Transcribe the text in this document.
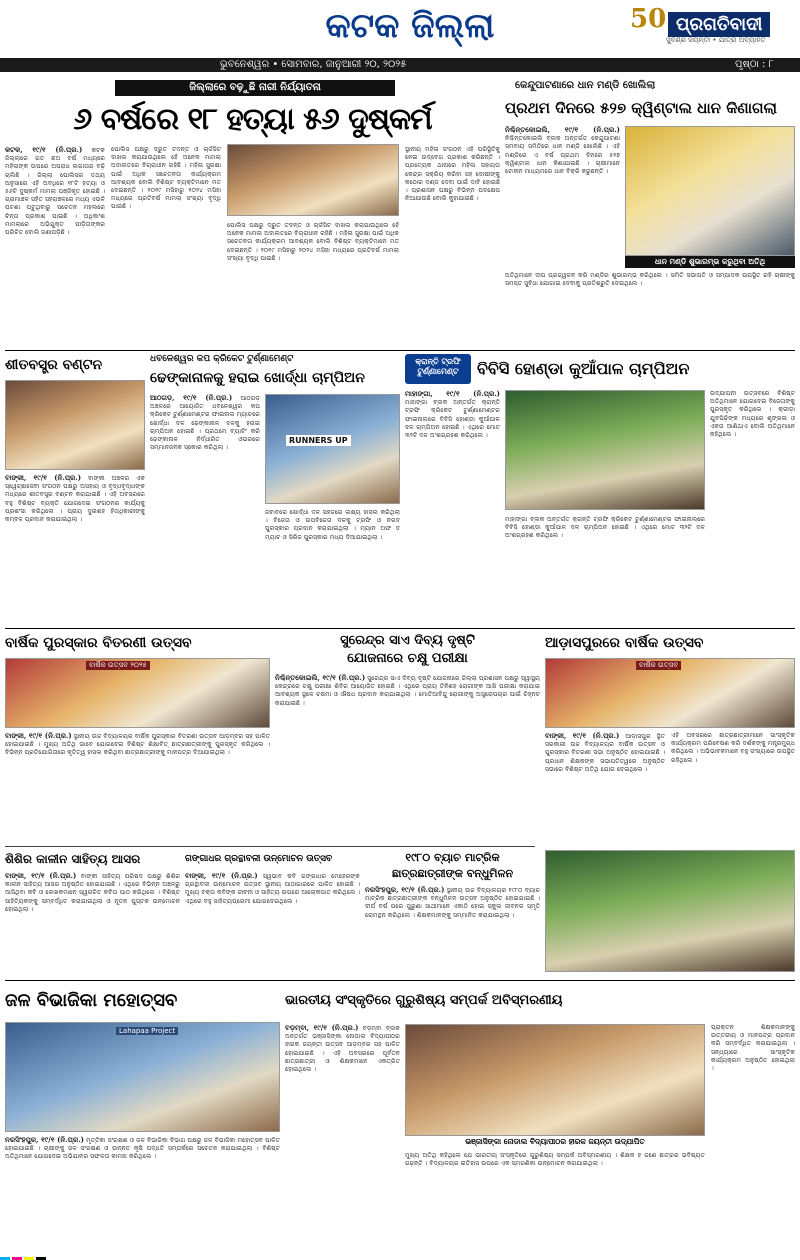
କଟକ ଜିଲ୍ଲା	50 ପ୍ରଗତିବାଦୀ
ସୁବର୍ଣ୍ଣ ଜୟନ୍ତୀ • ଯାତ୍ରା ଅବ୍ୟାହତ
ଭୁବନେଶ୍ୱର • ସୋମବାର, ଜାନୁଆରୀ ୨୦, ୨୦୨୫	ପୃଷ୍ଠା : ୮
ଜିଲ୍ଲାରେ ବଢ଼ୁଛି ନାରୀ ନିର୍ଯ୍ୟାତନା
୬ ବର୍ଷରେ ୧୮ ହତ୍ୟା ୫୬ ଦୁଷ୍କର୍ମ
କଟକ, ୧୯/୧ (ନି.ପ୍ର.) କଟକ ଜିଲ୍ଲାରେ ଗତ ଛଅ ବର୍ଷ ମଧ୍ୟରେ ମହିଳାଙ୍କ ଉପରେ ଅପରାଧ ଲଗାତାର ବଢ଼ି ଚାଲିଛି । ଜିଲ୍ଲା ପୋଲିସର ତଥ୍ୟ ଅନୁସାରେ ଏହି ଅବଧିରେ ୧୮ଟି ହତ୍ୟା ଓ ୫୬ଟି ଦୁଷ୍କର୍ମ ମାମଲା ପଞ୍ଜିକୃତ ହୋଇଛି । ଗ୍ରାମାଞ୍ଚଳ ସହିତ ସହରାଞ୍ଚଳରେ ମଧ୍ୟ ଏଭଳି ଘଟଣା ଘଟୁଥିବାରୁ ସଚେତନ ମହଲରେ ଚିନ୍ତା ପ୍ରକାଶ ପାଇଛି । ଅଧିକାଂଶ ମାମଲାରେ ଅଭିଯୁକ୍ତ ପୀଡ଼ିତାଙ୍କର ପରିଚିତ ବୋଲି ଜଣାପଡ଼ିଛି ।
ପୋଲିସ ପକ୍ଷରୁ ଦ୍ରୁତ ତଦନ୍ତ ଓ ଚାର୍ଜସିଟ ଦାଖଲ କରାଯାଉଥିଲେ ହେଁ ଅନେକ ମାମଲା ଅଦାଲତରେ ବିଚାରାଧୀନ ରହିଛି । ମହିଳା ସୁରକ୍ଷା ପାଇଁ ଅଧିକ ସଚେତନତା କାର୍ଯ୍ୟକ୍ରମ ଆବଶ୍ୟକ ବୋଲି ବିଶିଷ୍ଟ ବ୍ୟକ୍ତିମାନେ ମତ ଦେଇଛନ୍ତି । ୨୦୧୯ ମସିହାରୁ ୨୦୨୪ ମସିହା ମଧ୍ୟରେ ପ୍ରତିବର୍ଷ ମାମଲା ସଂଖ୍ୟା ବୃଦ୍ଧି ପାଇଛି ।
ସ୍ଥାନୀୟ ମହିଳା ସଂଗଠନ ଏହି ପରିସ୍ଥିତିକୁ ନେଇ ଉଦ୍‌ବେଗ ପ୍ରକାଶ କରିଛନ୍ତି । ପ୍ରତ୍ୟେକ ଥାନାରେ ମହିଳା ସହାୟତା କେନ୍ଦ୍ର ସକ୍ରିୟ କରିବା ସହ ଦୋଷୀଙ୍କୁ କଠୋର ଦଣ୍ଡ ଦେବା ପାଇଁ ଦାବି ହୋଇଛି । ପ୍ରଶାସନ ପକ୍ଷରୁ ବିଭିନ୍ନ ପଦକ୍ଷେପ ନିଆଯାଉଛି ବୋଲି କୁହାଯାଇଛି ।
ପୋଲିସ ପକ୍ଷରୁ ଦ୍ରୁତ ତଦନ୍ତ ଓ ଚାର୍ଜସିଟ ଦାଖଲ କରାଯାଉଥିଲେ ହେଁ ଅନେକ ମାମଲା ଅଦାଲତରେ ବିଚାରାଧୀନ ରହିଛି । ମହିଳା ସୁରକ୍ଷା ପାଇଁ ଅଧିକ ସଚେତନତା କାର୍ଯ୍ୟକ୍ରମ ଆବଶ୍ୟକ ବୋଲି ବିଶିଷ୍ଟ ବ୍ୟକ୍ତିମାନେ ମତ ଦେଇଛନ୍ତି । ୨୦୧୯ ମସିହାରୁ ୨୦୨୪ ମସିହା ମଧ୍ୟରେ ପ୍ରତିବର୍ଷ ମାମଲା ସଂଖ୍ୟା ବୃଦ୍ଧି ପାଇଛି ।
କେନ୍ଦୁପାଟଣାରେ ଧାନ ମଣ୍ଡି ଖୋଲିଲା
ପ୍ରଥମ ଦିନରେ ୫୨୭ କ୍ୱିଣ୍ଟାଲ ଧାନ କିଣାଗଲା
ନିଶ୍ଚିନ୍ତକୋଇଲି, ୧୯/୧ (ନି.ପ୍ର.) ନିଶ୍ଚିନ୍ତକୋଇଲି ବ୍ଲକ ଅନ୍ତର୍ଗତ କେନ୍ଦୁପାଟଣା ସମବାୟ ସମିତିରେ ଧାନ ମଣ୍ଡି ଖୋଲିଛି । ଏହି ମଣ୍ଡିରେ ଏ ବର୍ଷ ପ୍ରଥମ ଦିନରେ ୫୨୭ କ୍ୱିଣ୍ଟାଲ ଧାନ କିଣାଯାଇଛି । ଚାଷୀମାନେ ଟୋକନ ମାଧ୍ୟମରେ ଧାନ ବିକ୍ରି କରୁଛନ୍ତି ।
ଧାନ ମଣ୍ଡି ଶୁଭାରମ୍ଭ କରୁଥିବା ଅତିଥି
ଅତିଥିମାନେ ଦୀପ ପ୍ରଜ୍ୱଳନ କରି ମଣ୍ଡିର ଶୁଭାରମ୍ଭ କରିଥିଲେ । ସମିତି ସଭାପତି ଓ ସମ୍ପାଦକ ଉପସ୍ଥିତ ରହି ଚାଷୀଙ୍କୁ ସମସ୍ତ ସୁବିଧା ଯୋଗାଇ ଦେବାକୁ ପ୍ରତିଶ୍ରୁତି ଦେଇଥିଲେ ।
ଶୀତବସ୍ତ୍ର ବଣ୍ଟନ
ବାଙ୍କୀ, ୧୯/୧ (ନି.ପ୍ର.) ବାଙ୍କୀ ଅଞ୍ଚଳର ଏକ ସ୍ୱେଚ୍ଛାସେବୀ ସଂଗଠନ ପକ୍ଷରୁ ଅସହାୟ ଓ ବୃଦ୍ଧବୃଦ୍ଧାଙ୍କ ମଧ୍ୟରେ ଶୀତବସ୍ତ୍ର ବଣ୍ଟନ କରାଯାଇଛି । ଏହି ଅବସରରେ ବହୁ ବିଶିଷ୍ଟ ବ୍ୟକ୍ତି ଯୋଗଦେଇ ସଂଗଠନର କାର୍ଯ୍ୟକୁ ପ୍ରଶଂସା କରିଥିଲେ । ପ୍ରାୟ ଦୁଇଶହ ହିତାଧିକାରୀଙ୍କୁ କମ୍ବଳ ପ୍ରଦାନ କରାଯାଇଥିଲା ।
ଧବଳେଶ୍ୱର କପ କ୍ରିକେଟ ଟୁର୍ଣ୍ଣାମେଣ୍ଟ
ଢେଙ୍କାନାଳକୁ ହରାଇ ଖୋର୍ଦ୍ଧା ଚାମ୍ପିଅନ
ଆଠଗଡ଼, ୧୯/୧ (ନି.ପ୍ର.) ଆଠଗଡ଼ ଅଞ୍ଚଳରେ ଆୟୋଜିତ ଧବଳେଶ୍ୱର କପ କ୍ରିକେଟ ଟୁର୍ଣ୍ଣାମେଣ୍ଟର ଫାଇନାଲ ମ୍ୟାଚରେ ଖୋର୍ଦ୍ଧା ଦଳ ଢେଙ୍କାନାଳ ଦଳକୁ ହରାଇ ଚାମ୍ପିଅନ ହୋଇଛି । ପ୍ରଥମେ ବ୍ୟାଟିଂ କରି ଢେଙ୍କାନାଳ ନିର୍ଦ୍ଧାରିତ ଓଭରରେ ସମ୍ମାନଜନକ ସ୍କୋର କରିଥିଲା ।
RUNNERS UP
ଜବାବରେ ଖୋର୍ଦ୍ଧା ଦଳ ସହଜରେ ଲକ୍ଷ୍ୟ ହାସଲ କରିଥିଲା । ବିଜେତା ଓ ଉପବିଜେତା ଦଳକୁ ଟ୍ରଫି ଓ ନଗଦ ପୁରସ୍କାର ପ୍ରଦାନ କରାଯାଇଥିଲା । ମ୍ୟାନ ଅଫ ଦ ମ୍ୟାଚ ଓ ସିରିଜ ପୁରସ୍କାର ମଧ୍ୟ ଦିଆଯାଇଥିଲା ।
କ୍ରାନ୍ତି ଟ୍ରଫି
ଟୁର୍ଣ୍ଣାମେଣ୍ଟ	ବିବିସି ହୋଣ୍ଡା କୁଆଁପାଳ ଚାମ୍ପିଅନ
ମାହାଙ୍ଗା, ୧୯/୧ (ନି.ପ୍ର.) ମାହାଙ୍ଗା ବ୍ଲକ ଅନ୍ତର୍ଗତ କ୍ରାନ୍ତି ଟ୍ରଫି କ୍ରିକେଟ ଟୁର୍ଣ୍ଣାମେଣ୍ଟର ଫାଇନାଲରେ ବିବିସି ହୋଣ୍ଡା କୁଆଁପାଳ ଦଳ ଚାମ୍ପିଅନ ହୋଇଛି । ଏଥିରେ ମୋଟ ୩୨ଟି ଦଳ ଅଂଶଗ୍ରହଣ କରିଥିଲେ ।
ଉଦ୍‌ଯାପନୀ ଉତ୍ସବରେ ବିଶିଷ୍ଟ ଅତିଥିମାନେ ଯୋଗଦେଇ ବିଜେତାଙ୍କୁ ପୁରସ୍କୃତ କରିଥିଲେ । କ୍ରୀଡ଼ା ଯୁବପିଢ଼ିଙ୍କ ମଧ୍ୟରେ ଶୃଙ୍ଖଳା ଓ ଏକତା ଆଣିଥାଏ ବୋଲି ଅତିଥିମାନେ କହିଥିଲେ ।
ମାହାଙ୍ଗା ବ୍ଲକ ଅନ୍ତର୍ଗତ କ୍ରାନ୍ତି ଟ୍ରଫି କ୍ରିକେଟ ଟୁର୍ଣ୍ଣାମେଣ୍ଟର ଫାଇନାଲରେ ବିବିସି ହୋଣ୍ଡା କୁଆଁପାଳ ଦଳ ଚାମ୍ପିଅନ ହୋଇଛି । ଏଥିରେ ମୋଟ ୩୨ଟି ଦଳ ଅଂଶଗ୍ରହଣ କରିଥିଲେ ।
ବାର୍ଷିକ ପୁରସ୍କାର ବିତରଣୀ ଉତ୍ସବ
ବାର୍ଷିକ ଉତ୍ସବ ୨୦୨୫
ବାଙ୍କୀ, ୧୯/୧ (ନି.ପ୍ର.) ସ୍ଥାନୀୟ ଉଚ୍ଚ ବିଦ୍ୟାଳୟର ବାର୍ଷିକ ପୁରସ୍କାର ବିତରଣୀ ଉତ୍ସବ ଆଡ଼ମ୍ବର ସହ ପାଳିତ ହୋଇଯାଇଛି । ମୁଖ୍ୟ ଅତିଥି ଭାବେ ଯୋଗଦେଇ ବିଶିଷ୍ଟ ଶିକ୍ଷାବିତ୍ ଛାତ୍ରଛାତ୍ରୀଙ୍କୁ ପୁରସ୍କୃତ କରିଥିଲେ । ବିଭିନ୍ନ ପ୍ରତିଯୋଗିତାରେ କୃତିତ୍ୱ ହାସଲ କରିଥିବା ଛାତ୍ରଛାତ୍ରୀଙ୍କୁ ମାନପତ୍ର ଦିଆଯାଇଥିଲା ।
ସୁରେନ୍ଦ୍ର ସାଏ ଦିବ୍ୟ ଦୃଷ୍ଟି
ଯୋଜନାରେ ଚକ୍ଷୁ ପରୀକ୍ଷା
ନିଶ୍ଚିନ୍ତକୋଇଲି, ୧୯/୧ (ନି.ପ୍ର.) ସୁରେନ୍ଦ୍ର ସାଏ ଦିବ୍ୟ ଦୃଷ୍ଟି ଯୋଜନାରେ ଜିଲ୍ଲା ପ୍ରଶାସନ ପକ୍ଷରୁ ସ୍ୱାସ୍ଥ୍ୟ କେନ୍ଦ୍ରରେ ଚକ୍ଷୁ ପରୀକ୍ଷା ଶିବିର ଆୟୋଜିତ ହୋଇଛି । ଏଥିରେ ପ୍ରାୟ ତିନିଶହ ରୋଗୀଙ୍କ ଆଖି ପରୀକ୍ଷା କରାଯାଇ ଆବଶ୍ୟକ ସ୍ଥଳେ ଚଷମା ଓ ଔଷଧ ପ୍ରଦାନ କରାଯାଇଥିଲା । ମୋତିଆବିନ୍ଦୁ ରୋଗୀଙ୍କୁ ଅସ୍ତ୍ରୋପଚାର ପାଇଁ ଚିହ୍ନଟ କରାଯାଇଛି ।
ଆଡ଼ାସପୁରରେ ବାର୍ଷିକ ଉତ୍ସବ
ବାର୍ଷିକ ଉତ୍ସବ
ବାଙ୍କୀ, ୧୯/୧ (ନି.ପ୍ର.) ଆଡ଼ାସପୁର ସ୍ଥିତ ସରକାରୀ ଉଚ୍ଚ ବିଦ୍ୟାଳୟର ବାର୍ଷିକ ଉତ୍ସବ ଓ ପୁରସ୍କାର ବିତରଣୀ ସଭା ଅନୁଷ୍ଠିତ ହୋଇଯାଇଛି । ପ୍ରଧାନ ଶିକ୍ଷକଙ୍କ ସଭାପତିତ୍ୱରେ ଅନୁଷ୍ଠିତ ସଭାରେ ବିଶିଷ୍ଟ ଅତିଥି ଯୋଗ ଦେଇଥିଲେ ।
ଏହି ଅବସରରେ ଛାତ୍ରଛାତ୍ରୀମାନେ ସାଂସ୍କୃତିକ କାର୍ଯ୍ୟକ୍ରମ ପରିବେଷଣ କରି ଦର୍ଶକଙ୍କୁ ମନ୍ତ୍ରମୁଗ୍ଧ କରିଥିଲେ । ଅଭିଭାବକମାନେ ବହୁ ସଂଖ୍ୟାରେ ଉପସ୍ଥିତ ରହିଥିଲେ ।
ଶିଶିର କାଳୀନ ସାହିତ୍ୟ ଆସର
ବାଙ୍କୀ, ୧୯/୧ (ନି.ପ୍ର.) ବାଙ୍କୀ ସାହିତ୍ୟ ପରିଷଦ ପକ୍ଷରୁ ଶିଶିର କାଳୀନ ସାହିତ୍ୟ ଆସର ଅନୁଷ୍ଠିତ ହୋଇଯାଇଛି । ଏଥିରେ ବିଭିନ୍ନ ଅଞ୍ଚଳରୁ ଆସିଥିବା କବି ଓ ଲେଖକମାନେ ସ୍ୱରଚିତ କବିତା ପାଠ କରିଥିଲେ । ବିଶିଷ୍ଟ ସାହିତ୍ୟିକଙ୍କୁ ସମ୍ବର୍ଦ୍ଧିତ କରାଯାଇଥିଲା ଓ ନୂତନ ପୁସ୍ତକ ଉନ୍ମୋଚନ ହୋଇଥିଲା ।
ଗଙ୍ଗାଧର ଗ୍ରନ୍ଥାବଳୀ ଉନ୍ମୋଚନ ଉତ୍ସବ
ବାଙ୍କୀ, ୧୯/୧ (ନି.ପ୍ର.) ସ୍ୱଭାବ କବି ଗଙ୍ଗାଧର ମେହେରଙ୍କ ଗ୍ରନ୍ଥାବଳୀ ଉନ୍ମୋଚନ ଉତ୍ସବ ସ୍ଥାନୀୟ ପାଠାଗାରରେ ପାଳିତ ହୋଇଛି । ମୁଖ୍ୟ ବକ୍ତା କବିଙ୍କ ଜୀବନୀ ଓ ସାହିତ୍ୟ ଉପରେ ଆଲୋକପାତ କରିଥିଲେ । ଏଥିରେ ବହୁ ସାହିତ୍ୟପ୍ରେମୀ ଯୋଗଦେଇଥିଲେ ।
୧୯୮୦ ବ୍ୟାଚ ମାଟ୍ରିକ
ଛାତ୍ରଛାତ୍ରୀଙ୍କ ବନ୍ଧୁମିଳନ
ନରସିଂହପୁର, ୧୯/୧ (ନି.ପ୍ର.) ସ୍ଥାନୀୟ ଉଚ୍ଚ ବିଦ୍ୟାଳୟର ୧୯୮୦ ବ୍ୟାଚ ମାଟ୍ରିକ ଛାତ୍ରଛାତ୍ରୀଙ୍କ ବନ୍ଧୁମିଳନ ଉତ୍ସବ ଅନୁଷ୍ଠିତ ହୋଇଯାଇଛି । ଦୀର୍ଘ ବର୍ଷ ପରେ ପୁରୁଣା ସାଥୀମାନେ ଏକାଠି ହୋଇ ସ୍କୁଲ ଜୀବନର ସ୍ମୃତି ରୋମନ୍ଥନ କରିଥିଲେ । ଶିକ୍ଷକମାନଙ୍କୁ ସମ୍ମାନିତ କରାଯାଇଥିଲା ।
ଜଳ ବିଭାଜିକା ମହୋତ୍ସବ
Lahapaa Project
ନରସିଂହପୁର, ୧୯/୧ (ନି.ପ୍ର.) ମୃତ୍ତିକା ସଂରକ୍ଷଣ ଓ ଜଳ ବିଭାଜିକା ବିଭାଗ ପକ୍ଷରୁ ଜଳ ବିଭାଜିକା ମହୋତ୍ସବ ପାଳିତ ହୋଇଯାଇଛି । ଚାଷୀଙ୍କୁ ଜଳ ସଂରକ୍ଷଣ ଓ ଉନ୍ନତ କୃଷି ପଦ୍ଧତି ସମ୍ପର୍କରେ ସଚେତନ କରାଯାଇଥିଲା । ବିଶିଷ୍ଟ ଅତିଥିମାନେ ଯୋଗଦେଇ ଅଭିଯାନର ସଫଳତା କାମନା କରିଥିଲେ ।
ଭାରତୀୟ ସଂସ୍କୃତିରେ ଗୁରୁଶିଷ୍ୟ ସମ୍ପର୍କ ଅବିସ୍ମରଣୀୟ
ବଡ଼ମ୍ବା, ୧୯/୧ (ନି.ପ୍ର.) ବଡ଼ମ୍ବା ବ୍ଲକ ଅନ୍ତର୍ଗତ ଭଞ୍ଜାସିଙ୍କା ନୋଡାଲ ବିଦ୍ୟାପୀଠର ହୀରକ ଜୟନ୍ତୀ ଉତ୍ସବ ଆଡ଼ମ୍ବର ସହ ପାଳିତ ହୋଇଯାଇଛି । ଏହି ଅବସରରେ ପୂର୍ବତନ ଛାତ୍ରଛାତ୍ରୀ ଓ ଶିକ୍ଷକମାନେ ଏକତ୍ରିତ ହୋଇଥିଲେ ।
ଭଞ୍ଜାସିଙ୍କା ନୋଡାଲ ବିଦ୍ୟାପୀଠର ହୀରକ ଜୟନ୍ତୀ ଉଦ୍‌ଯାପିତ
ମୁଖ୍ୟ ଅତିଥି କହିଥିଲେ ଯେ ଭାରତୀୟ ସଂସ୍କୃତିରେ ଗୁରୁଶିଷ୍ୟ ସମ୍ପର୍କ ଅବିସ୍ମରଣୀୟ । ଶିକ୍ଷକ ହିଁ ଜଣେ ଛାତ୍ରର ଭବିଷ୍ୟତ ଗଢ଼ନ୍ତି । ବିଦ୍ୟାଳୟର ଇତିହାସ ଉପରେ ଏକ ସ୍ମରଣିକା ଉନ୍ମୋଚନ କରାଯାଇଥିଲା ।
ପ୍ରାକ୍ତନ ଶିକ୍ଷକମାନଙ୍କୁ ଉତ୍ତରୀୟ ଓ ମାନପତ୍ର ପ୍ରଦାନ କରି ସମ୍ବର୍ଦ୍ଧିତ କରାଯାଇଥିଲା । ସନ୍ଧ୍ୟାରେ ସାଂସ୍କୃତିକ କାର୍ଯ୍ୟକ୍ରମ ଅନୁଷ୍ଠିତ ହୋଇଥିଲା ।
